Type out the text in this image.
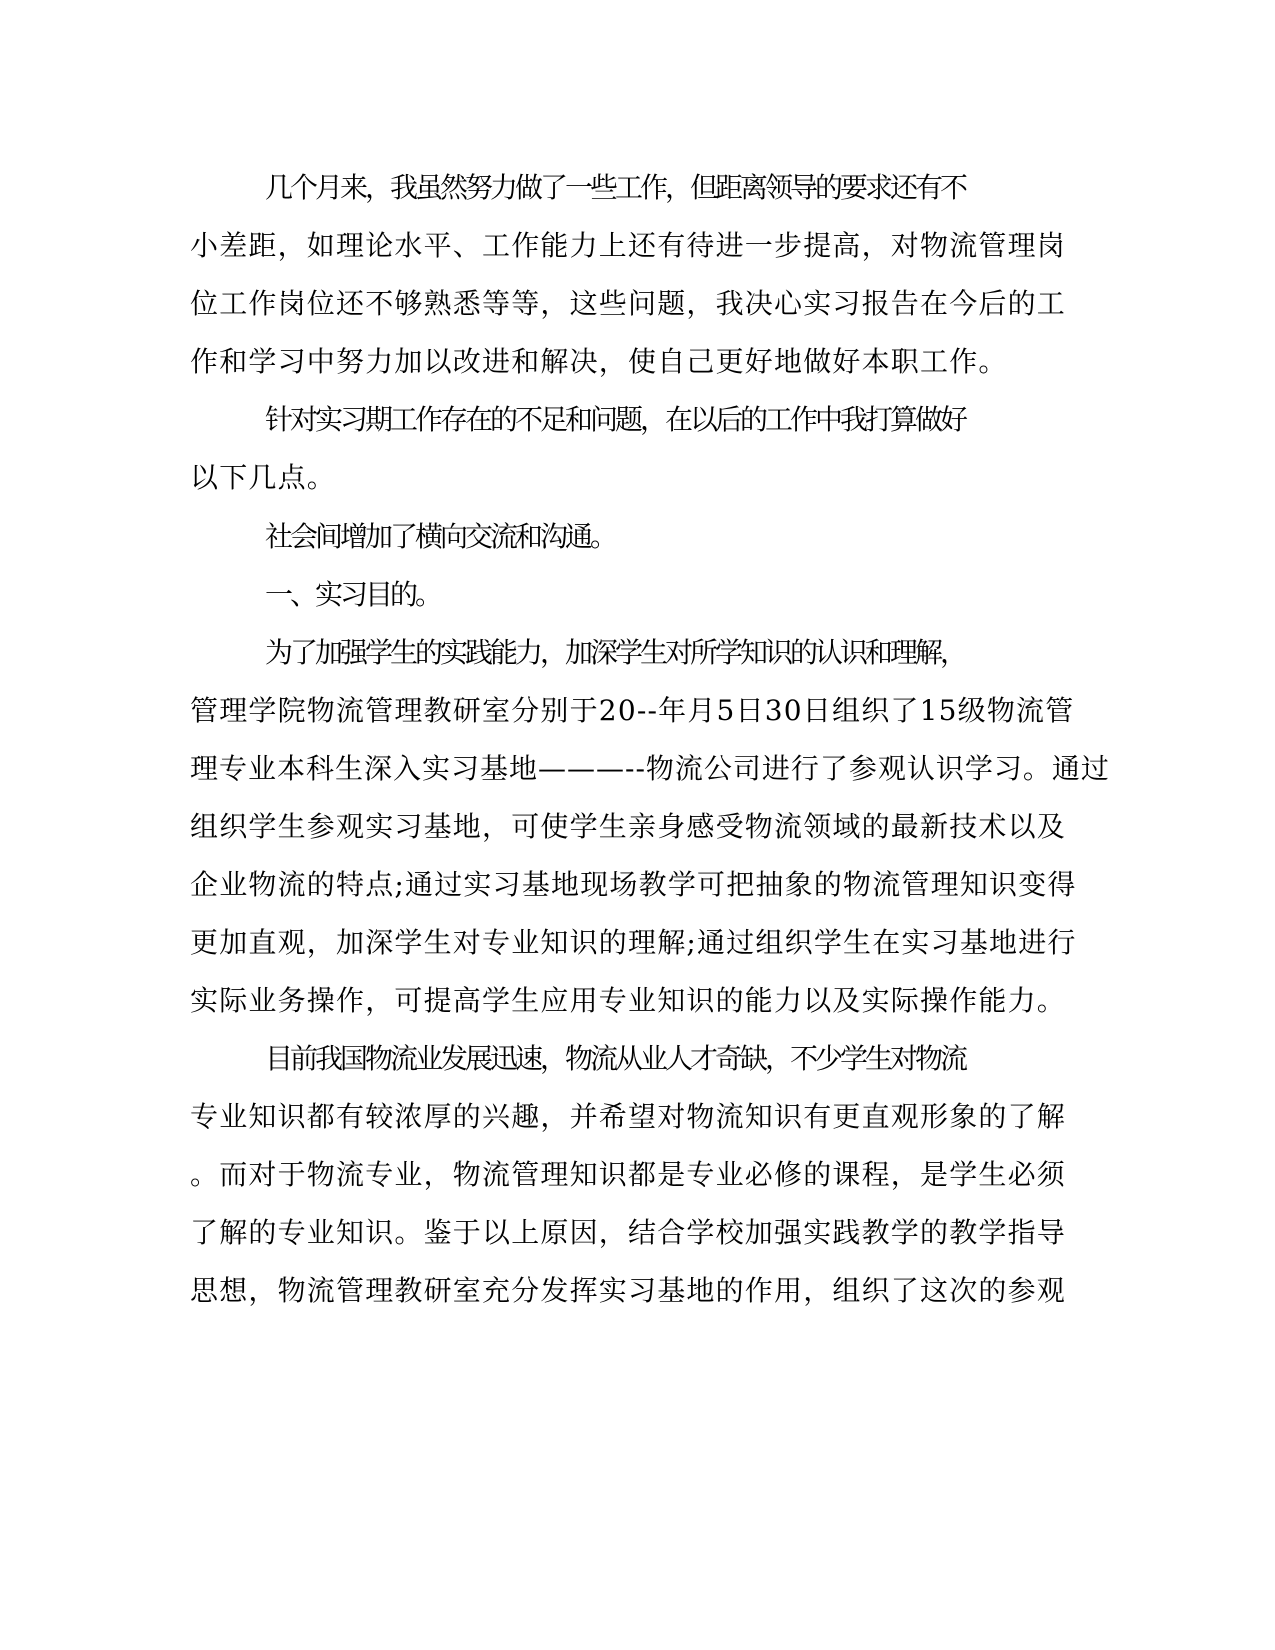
几个月来，我虽然努力做了一些工作，但距离领导的要求还有不
小差距，如理论水平、工作能力上还有待进一步提高，对物流管理岗
位工作岗位还不够熟悉等等，这些问题，我决心实习报告在今后的工
作和学习中努力加以改进和解决，使自己更好地做好本职工作。
针对实习期工作存在的不足和问题，在以后的工作中我打算做好
以下几点。
社会间增加了横向交流和沟通。
一、实习目的。
为了加强学生的实践能力，加深学生对所学知识的认识和理解，
管理学院物流管理教研室分别于20--年月5日30日组织了15级物流管
理专业本科生深入实习基地———--物流公司进行了参观认识学习。通过
组织学生参观实习基地，可使学生亲身感受物流领域的最新技术以及
企业物流的特点;通过实习基地现场教学可把抽象的物流管理知识变得
更加直观，加深学生对专业知识的理解;通过组织学生在实习基地进行
实际业务操作，可提高学生应用专业知识的能力以及实际操作能力。
目前我国物流业发展迅速，物流从业人才奇缺，不少学生对物流
专业知识都有较浓厚的兴趣，并希望对物流知识有更直观形象的了解
。而对于物流专业，物流管理知识都是专业必修的课程，是学生必须
了解的专业知识。鉴于以上原因，结合学校加强实践教学的教学指导
思想，物流管理教研室充分发挥实习基地的作用，组织了这次的参观
